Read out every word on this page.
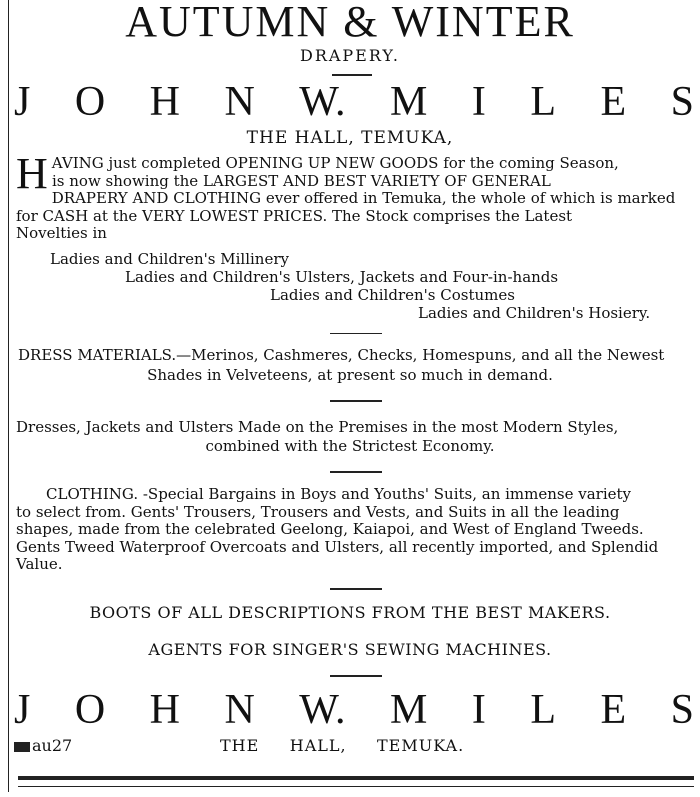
AUTUMN & WINTER
DRAPERY.
J O H N W. M I L E S
THE HALL, TEMUKA,
H AVING just completed OPENING UP NEW GOODS for the coming Season,
is now showing the LARGEST AND BEST VARIETY OF GENERAL
DRAPERY AND CLOTHING ever offered in Temuka, the whole of which is marked
for CASH at the VERY LOWEST PRICES. The Stock comprises the Latest
Novelties in
Ladies and Children's Millinery
Ladies and Children's Ulsters, Jackets and Four-in-hands
Ladies and Children's Costumes
Ladies and Children's Hosiery.
DRESS MATERIALS.—Merinos, Cashmeres, Checks, Homespuns, and all the Newest
Shades in Velveteens, at present so much in demand.
Dresses, Jackets and Ulsters Made on the Premises in the most Modern Styles,
combined with the Strictest Economy.
CLOTHING. -Special Bargains in Boys and Youths' Suits, an immense variety
to select from. Gents' Trousers, Trousers and Vests, and Suits in all the leading
shapes, made from the celebrated Geelong, Kaiapoi, and West of England Tweeds.
Gents Tweed Waterproof Overcoats and Ulsters, all recently imported, and Splendid
Value.
BOOTS OF ALL DESCRIPTIONS FROM THE BEST MAKERS.
AGENTS FOR SINGER'S SEWING MACHINES.
J O H N W. M I L E S
au27	THE     HALL,     TEMUKA.
